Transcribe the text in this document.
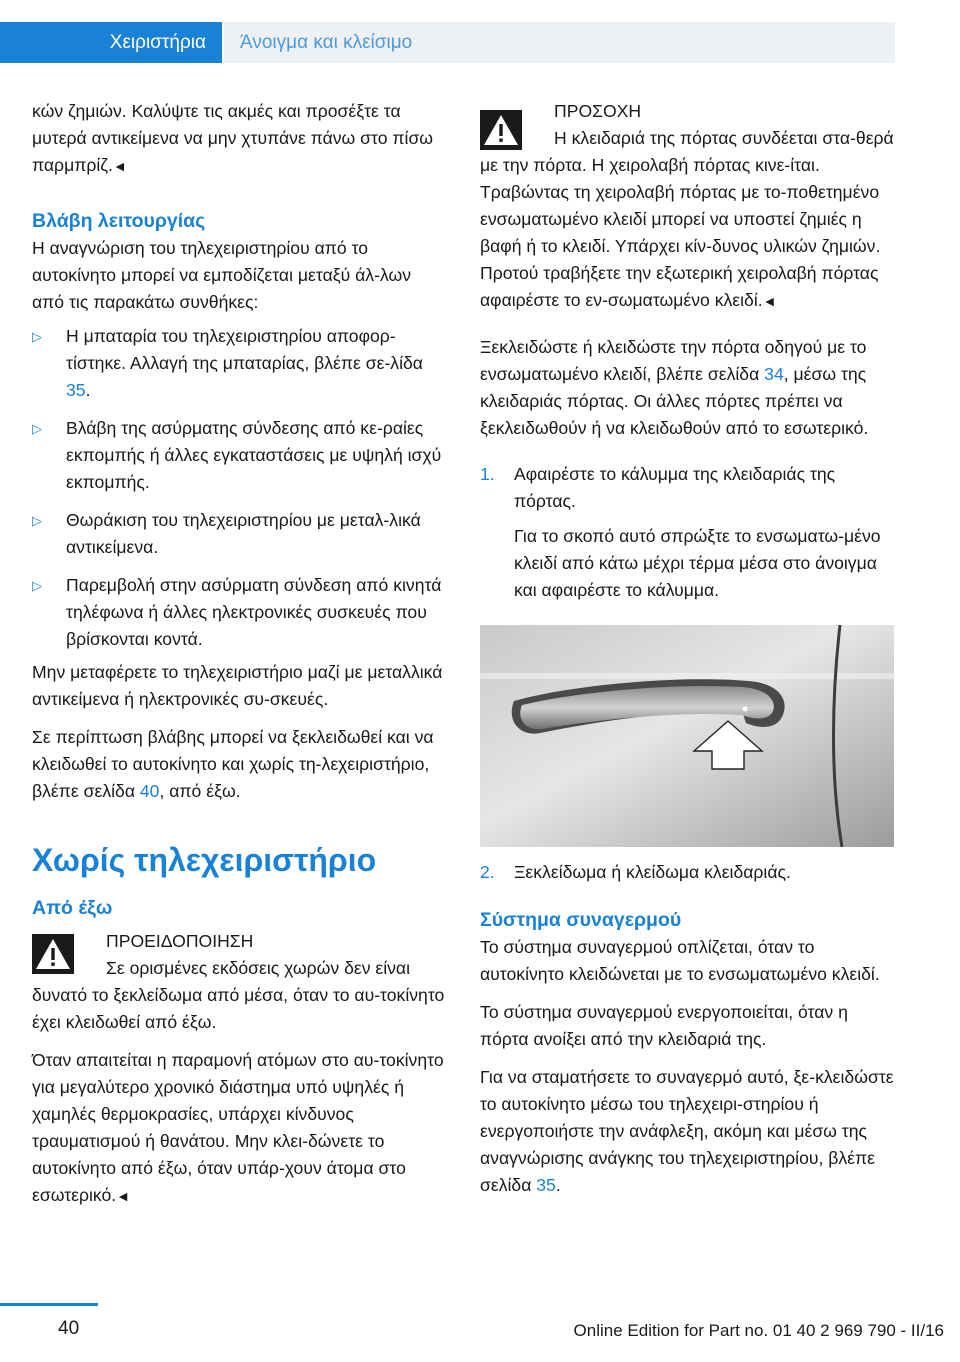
Χειριστήρια	Άνοιγμα και κλείσιμο

κών ζημιών. Καλύψτε τις ακμές και προσέξτε τα μυτερά αντικείμενα να μην χτυπάνε πάνω στο πίσω παρμπρίζ.◄

Βλάβη λειτουργίας

Η αναγνώριση του τηλεχειριστηρίου από το αυτοκίνητο μπορεί να εμποδίζεται μεταξύ άλ-λων από τις παρακάτω συνθήκες:

▷ Η μπαταρία του τηλεχειριστηρίου αποφορ-τίστηκε. Αλλαγή της μπαταρίας, βλέπε σε-λίδα 35.
▷ Βλάβη της ασύρματης σύνδεσης από κε-ραίες εκπομπής ή άλλες εγκαταστάσεις με υψηλή ισχύ εκπομπής.
▷ Θωράκιση του τηλεχειριστηρίου με μεταλ-λικά αντικείμενα.
▷ Παρεμβολή στην ασύρματη σύνδεση από κινητά τηλέφωνα ή άλλες ηλεκτρονικές συσκευές που βρίσκονται κοντά.

Μην μεταφέρετε το τηλεχειριστήριο μαζί με μεταλλικά αντικείμενα ή ηλεκτρονικές συ-σκευές.

Σε περίπτωση βλάβης μπορεί να ξεκλειδωθεί και να κλειδωθεί το αυτοκίνητο και χωρίς τη-λεχειριστήριο, βλέπε σελίδα 40, από έξω.

Χωρίς τηλεχειριστήριο
Από έξω

ΠΡΟΕΙΔΟΠΟΙΗΣΗ

Σε ορισμένες εκδόσεις χωρών δεν είναι δυνατό το ξεκλείδωμα από μέσα, όταν το αυ-τοκίνητο έχει κλειδωθεί από έξω.

Όταν απαιτείται η παραμονή ατόμων στο αυ-τοκίνητο για μεγαλύτερο χρονικό διάστημα υπό υψηλές ή χαμηλές θερμοκρασίες, υπάρχει κίνδυνος τραυματισμού ή θανάτου. Μην κλει-δώνετε το αυτοκίνητο από έξω, όταν υπάρ-χουν άτομα στο εσωτερικό.◄

ΠΡΟΣΟΧΗ

Η κλειδαριά της πόρτας συνδέεται στα-θερά με την πόρτα. Η χειρολαβή πόρτας κινε-ίται. Τραβώντας τη χειρολαβή πόρτας με το-ποθετημένο ενσωματωμένο κλειδί μπορεί να υποστεί ζημιές η βαφή ή το κλειδί. Υπάρχει κίν-δυνος υλικών ζημιών. Προτού τραβήξετε την εξωτερική χειρολαβή πόρτας αφαιρέστε το εν-σωματωμένο κλειδί.◄

Ξεκλειδώστε ή κλειδώστε την πόρτα οδηγού με το ενσωματωμένο κλειδί, βλέπε σελίδα 34, μέσω της κλειδαριάς πόρτας. Οι άλλες πόρτες πρέπει να ξεκλειδωθούν ή να κλειδωθούν από το εσωτερικό.

1. Αφαιρέστε το κάλυμμα της κλειδαριάς της πόρτας.
Για το σκοπό αυτό σπρώξτε το ενσωματω-μένο κλειδί από κάτω μέχρι τέρμα μέσα στο άνοιγμα και αφαιρέστε το κάλυμμα.
2. Ξεκλείδωμα ή κλείδωμα κλειδαριάς.
Σύστημα συναγερμού

Το σύστημα συναγερμού οπλίζεται, όταν το αυτοκίνητο κλειδώνεται με το ενσωματωμένο κλειδί.

Το σύστημα συναγερμού ενεργοποιείται, όταν η πόρτα ανοίξει από την κλειδαριά της.

Για να σταματήσετε το συναγερμό αυτό, ξε-κλειδώστε το αυτοκίνητο μέσω του τηλεχειρι-στηρίου ή ενεργοποιήστε την ανάφλεξη, ακόμη και μέσω της αναγνώρισης ανάγκης του τηλεχειριστηρίου, βλέπε σελίδα 35.

40	Online Edition for Part no. 01 40 2 969 790 - II/16
